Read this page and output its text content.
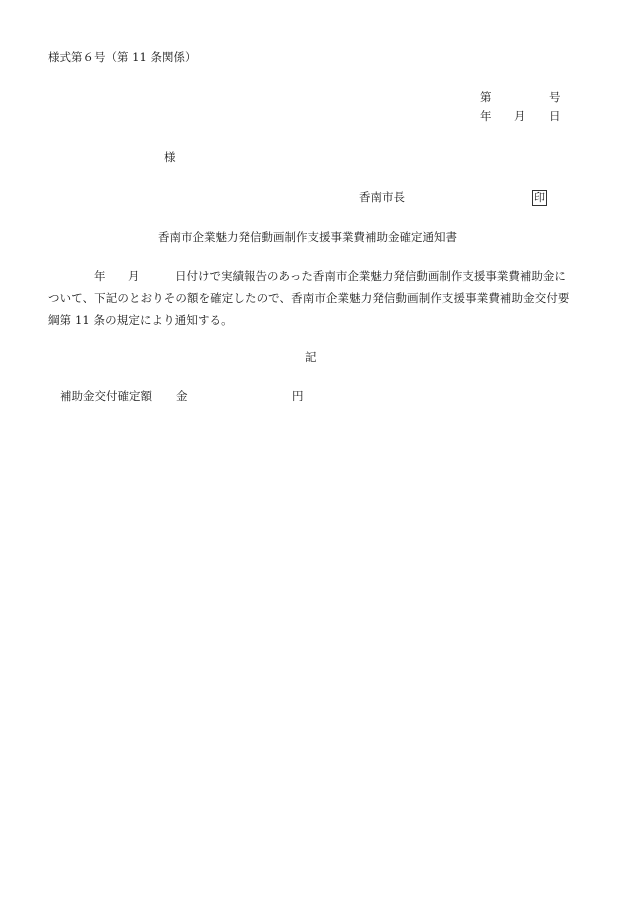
様式第６号（第 11 条関係）
第	号
年 月 日
様
香南市長	印
香南市企業魅力発信動画制作支援事業費補助金確定通知書
年 月	日付けで実績報告のあった香南市企業魅力発信動画制作支援事業費補助金に
ついて、下記のとおりその額を確定したので、香南市企業魅力発信動画制作支援事業費補助金交付要
綱第 11 条の規定により通知する。
記
補助金交付確定額 金	円
